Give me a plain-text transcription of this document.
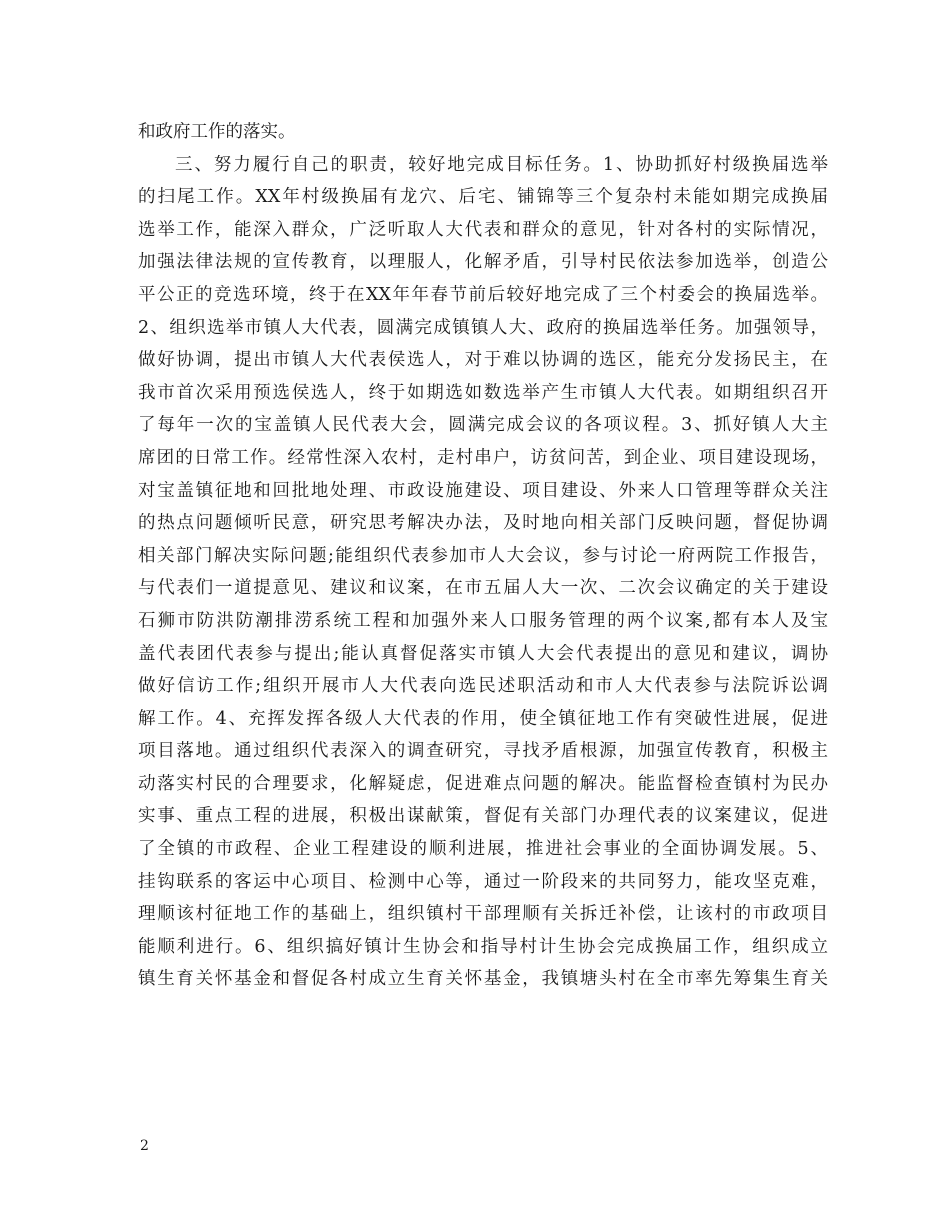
和政府工作的落实。
三、努力履行自己的职责，较好地完成目标任务。1、协助抓好村级换届选举
的扫尾工作。XX年村级换届有龙穴、后宅、铺锦等三个复杂村未能如期完成换届
选举工作，能深入群众，广泛听取人大代表和群众的意见，针对各村的实际情况，
加强法律法规的宣传教育，以理服人，化解矛盾，引导村民依法参加选举，创造公
平公正的竞选环境，终于在XX年年春节前后较好地完成了三个村委会的换届选举。
2、组织选举市镇人大代表，圆满完成镇镇人大、政府的换届选举任务。加强领导，
做好协调，提出市镇人大代表侯选人，对于难以协调的选区，能充分发扬民主，在
我市首次采用预选侯选人，终于如期选如数选举产生市镇人大代表。如期组织召开
了每年一次的宝盖镇人民代表大会，圆满完成会议的各项议程。3、抓好镇人大主
席团的日常工作。经常性深入农村，走村串户，访贫问苦，到企业、项目建设现场，
对宝盖镇征地和回批地处理、市政设施建设、项目建设、外来人口管理等群众关注
的热点问题倾听民意，研究思考解决办法，及时地向相关部门反映问题，督促协调
相关部门解决实际问题;能组织代表参加市人大会议，参与讨论一府两院工作报告，
与代表们一道提意见、建议和议案，在市五届人大一次、二次会议确定的关于建设
石狮市防洪防潮排涝系统工程和加强外来人口服务管理的两个议案,都有本人及宝
盖代表团代表参与提出;能认真督促落实市镇人大会代表提出的意见和建议，调协
做好信访工作;组织开展市人大代表向选民述职活动和市人大代表参与法院诉讼调
解工作。4、充挥发挥各级人大代表的作用，使全镇征地工作有突破性进展，促进
项目落地。通过组织代表深入的调查研究，寻找矛盾根源，加强宣传教育，积极主
动落实村民的合理要求，化解疑虑，促进难点问题的解决。能监督检查镇村为民办
实事、重点工程的进展，积极出谋献策，督促有关部门办理代表的议案建议，促进
了全镇的市政程、企业工程建设的顺利进展，推进社会事业的全面协调发展。5、
挂钩联系的客运中心项目、检测中心等，通过一阶段来的共同努力，能攻坚克难，
理顺该村征地工作的基础上，组织镇村干部理顺有关拆迁补偿，让该村的市政项目
能顺利进行。6、组织搞好镇计生协会和指导村计生协会完成换届工作，组织成立
镇生育关怀基金和督促各村成立生育关怀基金，我镇塘头村在全市率先筹集生育关
2
